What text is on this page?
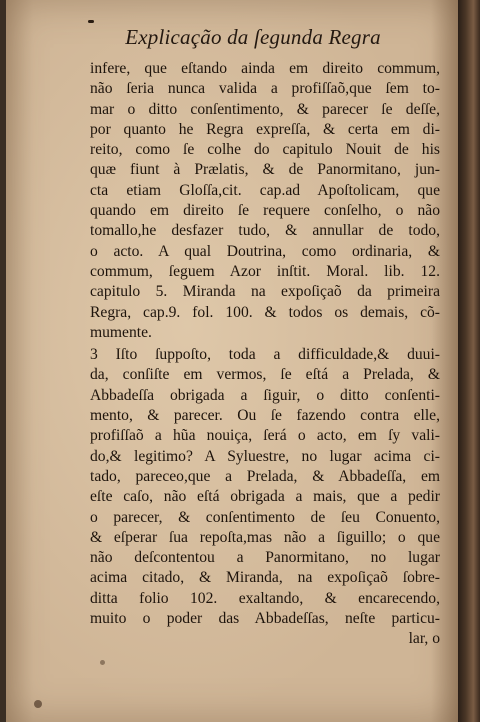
Explicação da ſegunda Regra
infere, que eſtando ainda em direito commum,
não ſeria nunca valida a profiſſaõ,que ſem to-
mar o ditto conſentimento, & parecer ſe deſſe,
por quanto he Regra expreſſa, & certa em di-
reito, como ſe colhe do capitulo Nouit de his
quæ fiunt à Prælatis, & de Panormitano, jun-
cta etiam Gloſſa,cit. cap.ad Apoſtolicam, que
quando em direito ſe requere conſelho, o não
tomallo,he desfazer tudo, & annullar de todo,
o acto. A qual Doutrina, como ordinaria, &
commum, ſeguem Azor inſtit. Moral. lib. 12.
capitulo 5. Miranda na expoſiçaõ da primeira
Regra, cap.9. fol. 100. & todos os demais, cõ-
mumente.
3 Iſto ſuppoſto, toda a difficuldade,& duui-
da, conſiſte em vermos, ſe eſtá a Prelada, &
Abbadeſſa obrigada a ſiguir, o ditto conſenti-
mento, & parecer. Ou ſe fazendo contra elle,
profiſſaõ a hũa nouiça, ſerá o acto, em ſy vali-
do,& legitimo? A Syluestre, no lugar acima ci-
tado, pareceo,que a Prelada, & Abbadeſſa, em
eſte caſo, não eſtá obrigada a mais, que a pedir
o parecer, & conſentimento de ſeu Conuento,
& eſperar ſua repoſta,mas não a ſiguillo; o que
não deſcontentou a Panormitano, no lugar
acima citado, & Miranda, na expoſiçaõ ſobre-
ditta folio 102. exaltando, & encarecendo,
muito o poder das Abbadeſſas, neſte particu-
lar, o
